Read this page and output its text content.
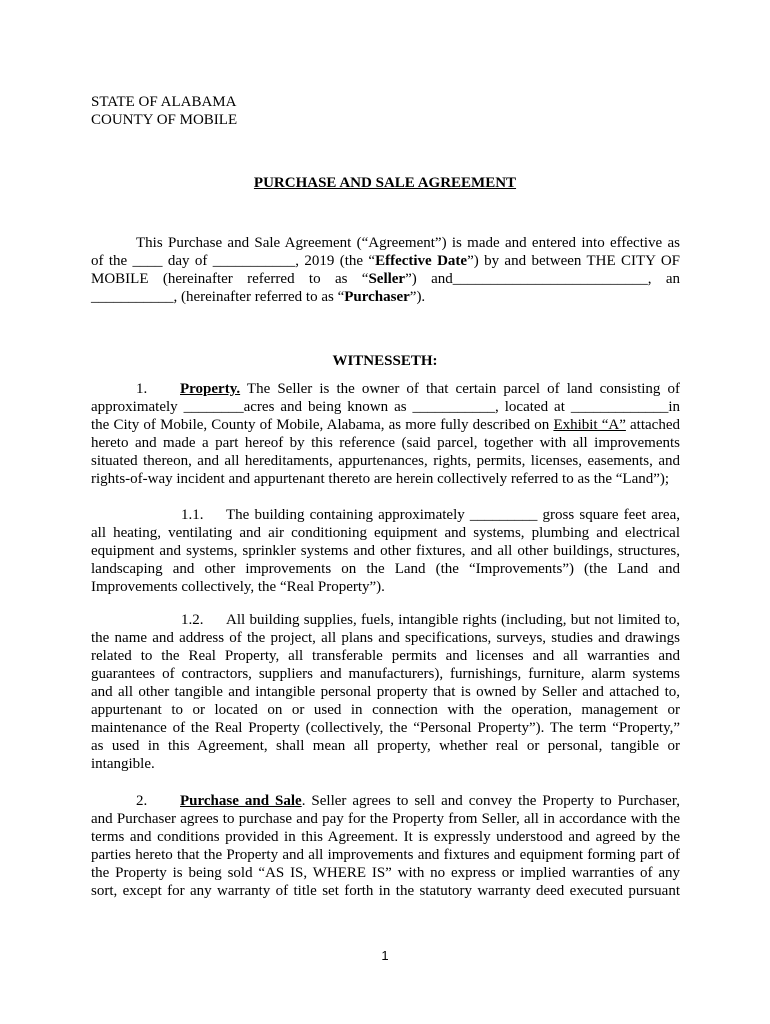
STATE OF ALABAMA
COUNTY OF MOBILE
PURCHASE AND SALE AGREEMENT
This Purchase and Sale Agreement (“Agreement”) is made and entered into effective as
of the ____ day of ___________, 2019 (the “Effective Date”) by and between THE CITY OF
MOBILE (hereinafter referred to as “Seller”) and__________________________, an
___________, (hereinafter referred to as “Purchaser”).
WITNESSETH:
1. Property. The Seller is the owner of that certain parcel of land consisting of
approximately ________acres and being known as ___________, located at _____________in
the City of Mobile, County of Mobile, Alabama, as more fully described on Exhibit “A” attached
hereto and made a part hereof by this reference (said parcel, together with all improvements
situated thereon, and all hereditaments, appurtenances, rights, permits, licenses, easements, and
rights-of-way incident and appurtenant thereto are herein collectively referred to as the “Land”);
1.1. The building containing approximately _________ gross square feet area,
all heating, ventilating and air conditioning equipment and systems, plumbing and electrical
equipment and systems, sprinkler systems and other fixtures, and all other buildings, structures,
landscaping and other improvements on the Land (the “Improvements”) (the Land and
Improvements collectively, the “Real Property”).
1.2. All building supplies, fuels, intangible rights (including, but not limited to,
the name and address of the project, all plans and specifications, surveys, studies and drawings
related to the Real Property, all transferable permits and licenses and all warranties and
guarantees of contractors, suppliers and manufacturers), furnishings, furniture, alarm systems
and all other tangible and intangible personal property that is owned by Seller and attached to,
appurtenant to or located on or used in connection with the operation, management or
maintenance of the Real Property (collectively, the “Personal Property”). The term “Property,”
as used in this Agreement, shall mean all property, whether real or personal, tangible or
intangible.
2. Purchase and Sale. Seller agrees to sell and convey the Property to Purchaser,
and Purchaser agrees to purchase and pay for the Property from Seller, all in accordance with the
terms and conditions provided in this Agreement. It is expressly understood and agreed by the
parties hereto that the Property and all improvements and fixtures and equipment forming part of
the Property is being sold “AS IS, WHERE IS” with no express or implied warranties of any
sort, except for any warranty of title set forth in the statutory warranty deed executed pursuant
1
